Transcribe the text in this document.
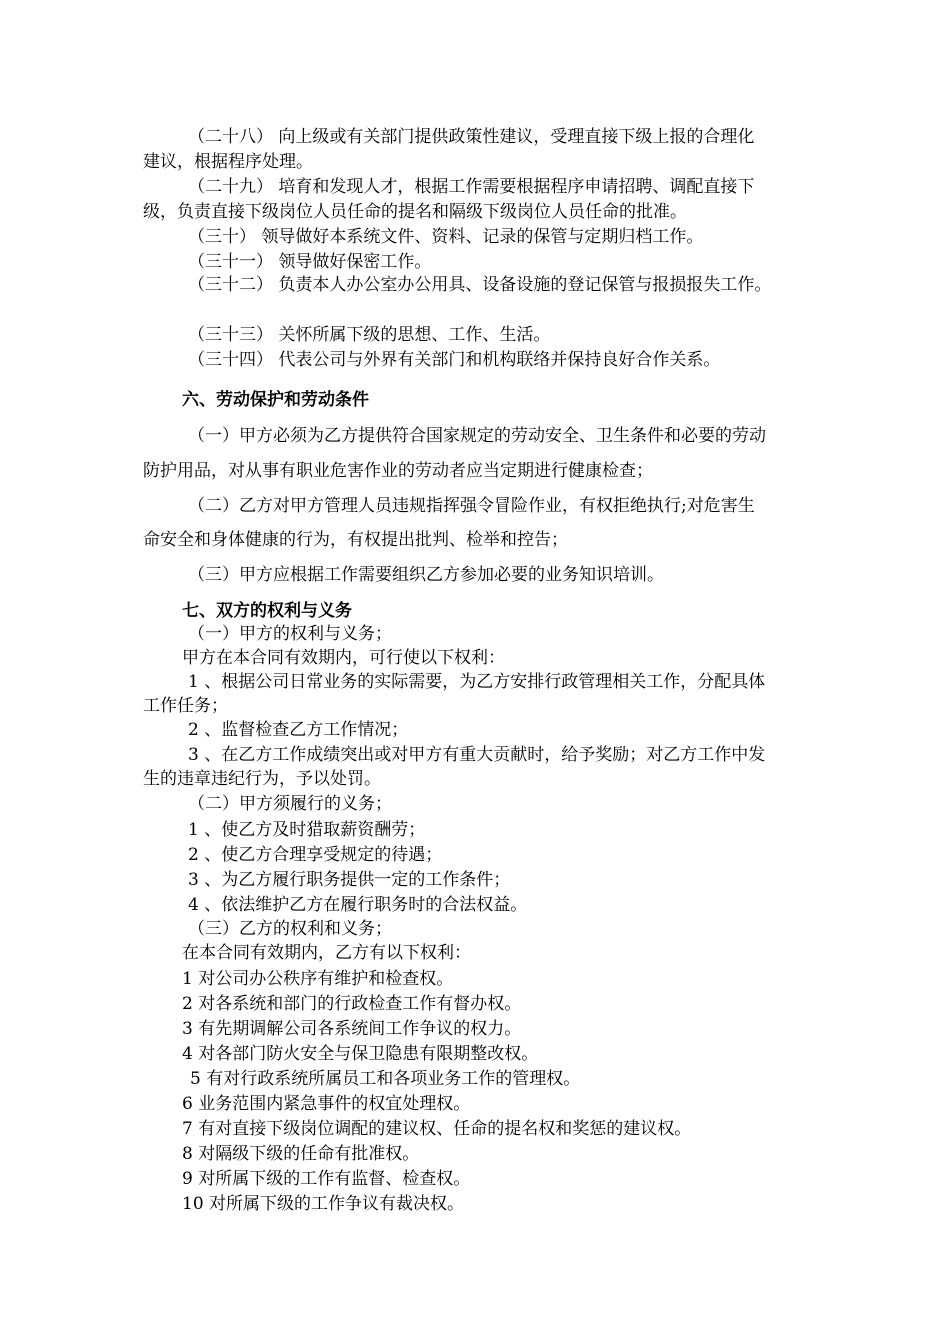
（二十八） 向上级或有关部门提供政策性建议，受理直接下级上报的合理化
建议，根据程序处理。
（二十九） 培育和发现人才，根据工作需要根据程序申请招聘、调配直接下
级，负责直接下级岗位人员任命的提名和隔级下级岗位人员任命的批准。
（三十） 领导做好本系统文件、资料、记录的保管与定期归档工作。
（三十一） 领导做好保密工作。
（三十二） 负责本人办公室办公用具、设备设施的登记保管与报损报失工作。
（三十三） 关怀所属下级的思想、工作、生活。
（三十四） 代表公司与外界有关部门和机构联络并保持良好合作关系。
六、劳动保护和劳动条件
（一）甲方必须为乙方提供符合国家规定的劳动安全、卫生条件和必要的劳动
防护用品，对从事有职业危害作业的劳动者应当定期进行健康检查；
（二）乙方对甲方管理人员违规指挥强令冒险作业，有权拒绝执行;对危害生
命安全和身体健康的行为，有权提出批判、检举和控告；
（三）甲方应根据工作需要组织乙方参加必要的业务知识培训。
七、双方的权利与义务
（一）甲方的权利与义务；
甲方在本合同有效期内，可行使以下权利：
1 、根据公司日常业务的实际需要，为乙方安排行政管理相关工作，分配具体
工作任务；
2 、监督检查乙方工作情况；
3 、在乙方工作成绩突出或对甲方有重大贡献时，给予奖励；对乙方工作中发
生的违章违纪行为，予以处罚。
（二）甲方须履行的义务；
1 、使乙方及时猎取薪资酬劳；
2 、使乙方合理享受规定的待遇；
3 、为乙方履行职务提供一定的工作条件；
4 、依法维护乙方在履行职务时的合法权益。
（三）乙方的权利和义务；
在本合同有效期内，乙方有以下权利：
1 对公司办公秩序有维护和检查权。
2 对各系统和部门的行政检查工作有督办权。
3 有先期调解公司各系统间工作争议的权力。
4 对各部门防火安全与保卫隐患有限期整改权。
5 有对行政系统所属员工和各项业务工作的管理权。
6 业务范围内紧急事件的权宜处理权。
7 有对直接下级岗位调配的建议权、任命的提名权和奖惩的建议权。
8 对隔级下级的任命有批准权。
9 对所属下级的工作有监督、检查权。
10 对所属下级的工作争议有裁决权。
